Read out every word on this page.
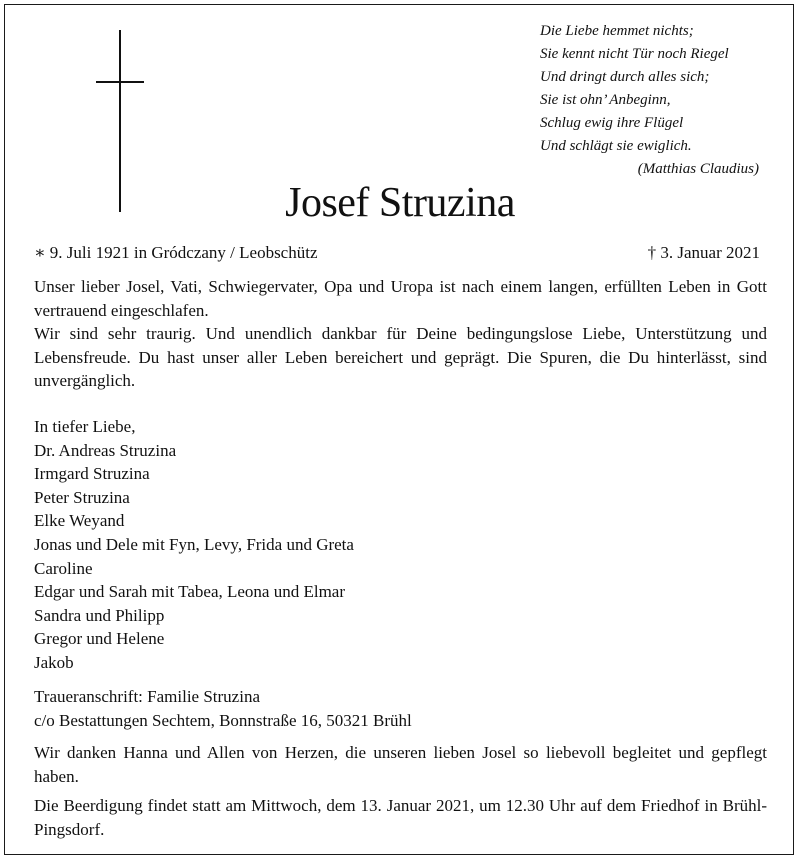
Die Liebe hemmet nichts;
Sie kennt nicht Tür noch Riegel
Und dringt durch alles sich;
Sie ist ohn’ Anbeginn,
Schlug ewig ihre Flügel
Und schlägt sie ewiglich.
(Matthias Claudius)
Josef Struzina
∗ 9. Juli 1921 in Gródczany / Leobschütz	† 3. Januar 2021

Unser lieber Josel, Vati, Schwiegervater, Opa und Uropa ist nach einem langen, erfüllten Leben in Gott vertrauend eingeschlafen.

Wir sind sehr traurig. Und unendlich dankbar für Deine bedingungslose Liebe, Unterstützung und Lebensfreude. Du hast unser aller Leben bereichert und geprägt. Die Spuren, die Du hinterlässt, sind unvergänglich.

In tiefer Liebe,
Dr. Andreas Struzina
Irmgard Struzina
Peter Struzina
Elke Weyand
Jonas und Dele mit Fyn, Levy, Frida und Greta
Caroline
Edgar und Sarah mit Tabea, Leona und Elmar
Sandra und Philipp
Gregor und Helene
Jakob
Traueranschrift: Familie Struzina
c/o Bestattungen Sechtem, Bonnstraße 16, 50321 Brühl

Wir danken Hanna und Allen von Herzen, die unseren lieben Josel so liebevoll begleitet und gepflegt haben.

Die Beerdigung findet statt am Mittwoch, dem 13. Januar 2021, um 12.30 Uhr auf dem Friedhof in Brühl-Pingsdorf.
